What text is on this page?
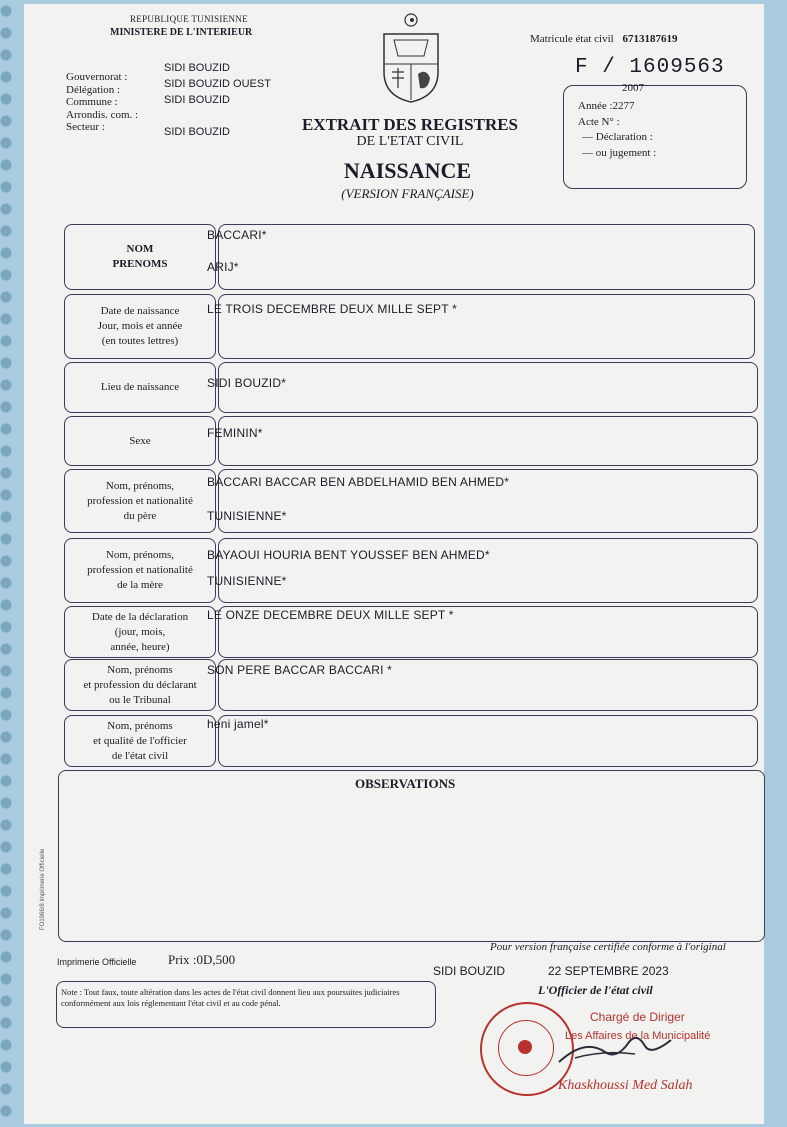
REPUBLIQUE TUNISIENNE
MINISTERE DE L'INTERIEUR
Gouvernorat :
Délégation :
Commune :
Arrondis. com. :
Secteur :
SIDI BOUZID
SIDI BOUZID OUEST
SIDI BOUZID
SIDI BOUZID
Matricule état civil 6713187619
F / 1609563
2007
Année :2277
Acte N° :
— Déclaration :
— ou jugement :
EXTRAIT DES REGISTRES
DE L'ETAT CIVIL
NAISSANCE
(VERSION FRANÇAISE)
NOM
PRENOMS
BACCARI*
ARIJ*
Date de naissance
Jour, mois et année
(en toutes lettres)
LE TROIS DECEMBRE DEUX MILLE SEPT *
Lieu de naissance	SIDI BOUZID*
Sexe
FEMININ*
Nom, prénoms,
profession et nationalité
du père
BACCARI BACCAR BEN ABDELHAMID BEN AHMED*
TUNISIENNE*
Nom, prénoms,
profession et nationalité
de la mère
BAYAOUI HOURIA BENT YOUSSEF BEN AHMED*
TUNISIENNE*
Date de la déclaration
(jour, mois,
année, heure)
LE ONZE DECEMBRE DEUX MILLE SEPT *
Nom, prénoms
et profession du déclarant
ou le Tribunal
SON PERE BACCAR BACCARI *
Nom, prénoms
et qualité de l'officier
de l'état civil
heni jamel*
OBSERVATIONS
FO1966/8 Imprimerie Officielle
Pour version française certifiée conforme à l'original
Imprimerie Officielle Prix :0D,500
SIDI BOUZID	22 SEPTEMBRE 2023
L'Officier de l'état civil
Note : Tout faux, toute altération dans les actes de l'état civil donnent lieu aux poursuites judiciaires conformément aux lois réglementant l'état civil et au code pénal.
Chargé de Diriger
Les Affaires de la Municipalité
Khaskhoussi Med Salah
